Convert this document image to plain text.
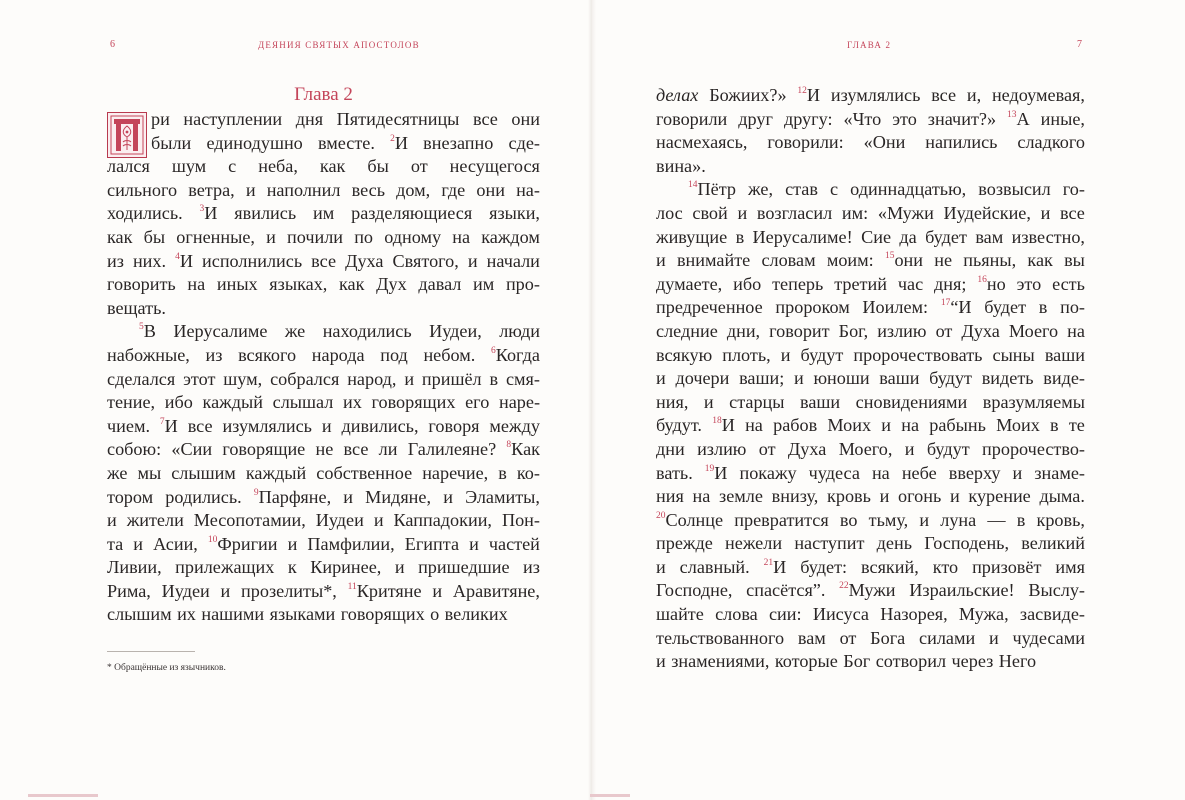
6	ДЕЯНИЯ СВЯТЫХ АПОСТОЛОВ	ГЛАВА 2	7
Глава 2
ри наступлении дня Пятидесятницы все они
были единодушно вместе. $^2$И внезапно сде-
лался шум с неба, как бы от несущегося
сильного ветра, и наполнил весь дом, где они на-
ходились. $^3$И явились им разделяющиеся языки,
как бы огненные, и почили по одному на каждом
из них. $^4$И исполнились все Духа Святого, и начали
говорить на иных языках, как Дух давал им про-
вещать.
$^5$В Иерусалиме же находились Иудеи, люди
набожные, из всякого народа под небом. $^6$Когда
сделался этот шум, собрался народ, и пришёл в смя-
тение, ибо каждый слышал их говорящих его наре-
чием. $^7$И все изумлялись и дивились, говоря между
собою: «Сии говорящие не все ли Галилеяне? $^8$Как
же мы слышим каждый собственное наречие, в ко-
тором родились. $^9$Парфяне, и Мидяне, и Эламиты,
и жители Месопотамии, Иудеи и Каппадокии, Пон-
та и Асии, $^{10}$Фригии и Памфилии, Египта и частей
Ливии, прилежащих к Киринее, и пришедшие из
Рима, Иудеи и прозелиты*, $^{11}$Критяне и Аравитяне,
слышим их нашими языками говорящих о великих
делах Божиих?» $^{12}$И изумлялись все и, недоумевая,
говорили друг другу: «Что это значит?» $^{13}$А иные,
насмехаясь, говорили: «Они напились сладкого
вина».
$^{14}$Пётр же, став с одиннадцатью, возвысил го-
лос свой и возгласил им: «Мужи Иудейские, и все
живущие в Иерусалиме! Сие да будет вам известно,
и внимайте словам моим: $^{15}$они не пьяны, как вы
думаете, ибо теперь третий час дня; $^{16}$но это есть
предреченное пророком Иоилем: $^{17}$“И будет в по-
следние дни, говорит Бог, излию от Духа Моего на
всякую плоть, и будут пророчествовать сыны ваши
и дочери ваши; и юноши ваши будут видеть виде-
ния, и старцы ваши сновидениями вразумляемы
будут. $^{18}$И на рабов Моих и на рабынь Моих в те
дни излию от Духа Моего, и будут пророчество-
вать. $^{19}$И покажу чудеса на небе вверху и знаме-
ния на земле внизу, кровь и огонь и курение дыма.
$^{20}$Солнце превратится во тьму, и луна — в кровь,
прежде нежели наступит день Господень, великий
и славный. $^{21}$И будет: всякий, кто призовёт имя
Господне, спасётся”. $^{22}$Мужи Израильские! Выслу-
шайте слова сии: Иисуса Назорея, Мужа, засвиде-
тельствованного вам от Бога силами и чудесами
и знамениями, которые Бог сотворил через Него
* Обращённые из язычников.
